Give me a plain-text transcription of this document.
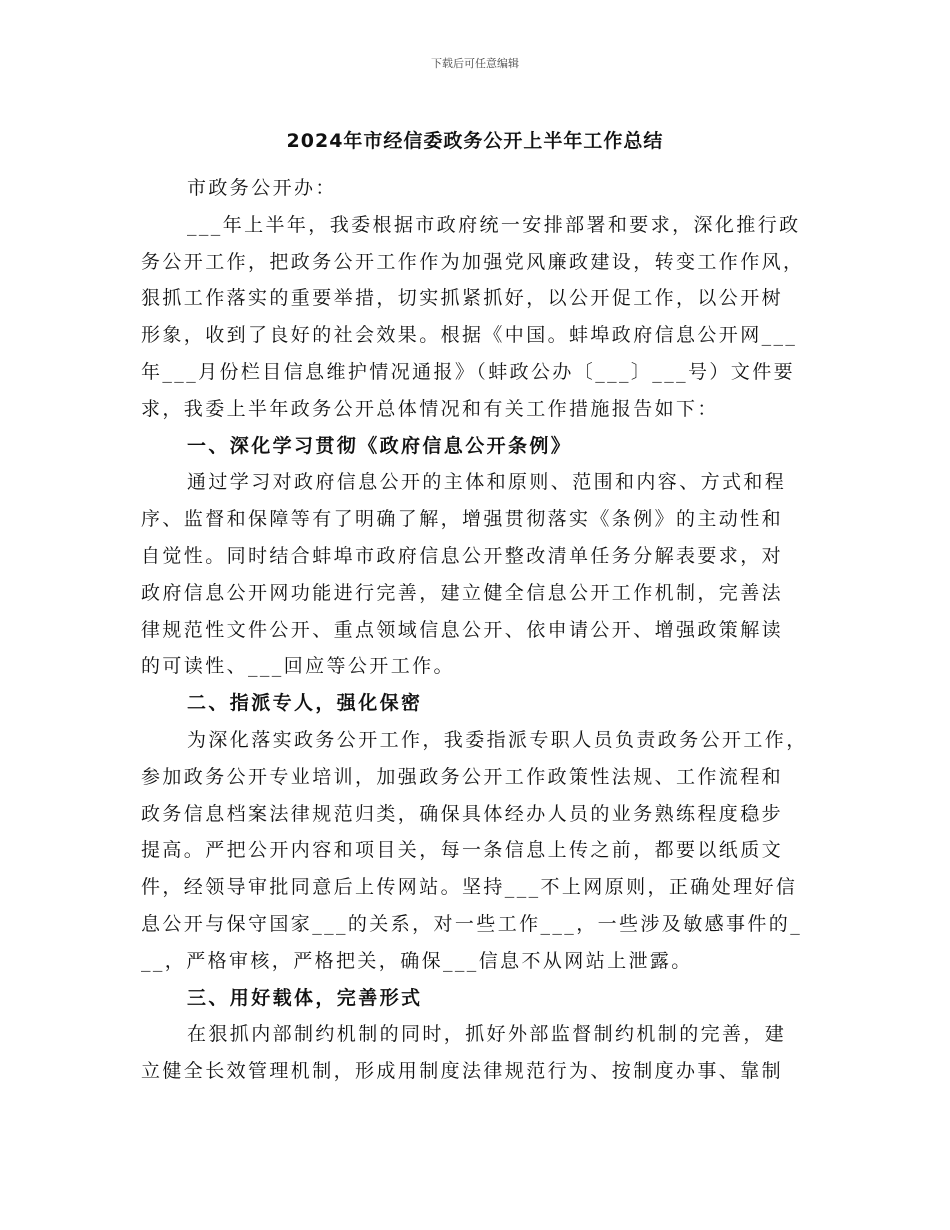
下载后可任意编辑
2024年市经信委政务公开上半年工作总结
市政务公开办：
___年上半年，我委根据市政府统一安排部署和要求，深化推行政
务公开工作，把政务公开工作作为加强党风廉政建设，转变工作作风，
狠抓工作落实的重要举措，切实抓紧抓好，以公开促工作，以公开树
形象，收到了良好的社会效果。根据《中国。蚌埠政府信息公开网___
年___月份栏目信息维护情况通报》（蚌政公办〔___〕___号）文件要
求，我委上半年政务公开总体情况和有关工作措施报告如下：
一、深化学习贯彻《政府信息公开条例》
通过学习对政府信息公开的主体和原则、范围和内容、方式和程
序、监督和保障等有了明确了解，增强贯彻落实《条例》的主动性和
自觉性。同时结合蚌埠市政府信息公开整改清单任务分解表要求，对
政府信息公开网功能进行完善，建立健全信息公开工作机制，完善法
律规范性文件公开、重点领域信息公开、依申请公开、增强政策解读
的可读性、___回应等公开工作。
二、指派专人，强化保密
为深化落实政务公开工作，我委指派专职人员负责政务公开工作，
参加政务公开专业培训，加强政务公开工作政策性法规、工作流程和
政务信息档案法律规范归类，确保具体经办人员的业务熟练程度稳步
提高。严把公开内容和项目关，每一条信息上传之前，都要以纸质文
件，经领导审批同意后上传网站。坚持___不上网原则，正确处理好信
息公开与保守国家___的关系，对一些工作___，一些涉及敏感事件的_
__，严格审核，严格把关，确保___信息不从网站上泄露。
三、用好载体，完善形式
在狠抓内部制约机制的同时，抓好外部监督制约机制的完善，建
立健全长效管理机制，形成用制度法律规范行为、按制度办事、靠制
